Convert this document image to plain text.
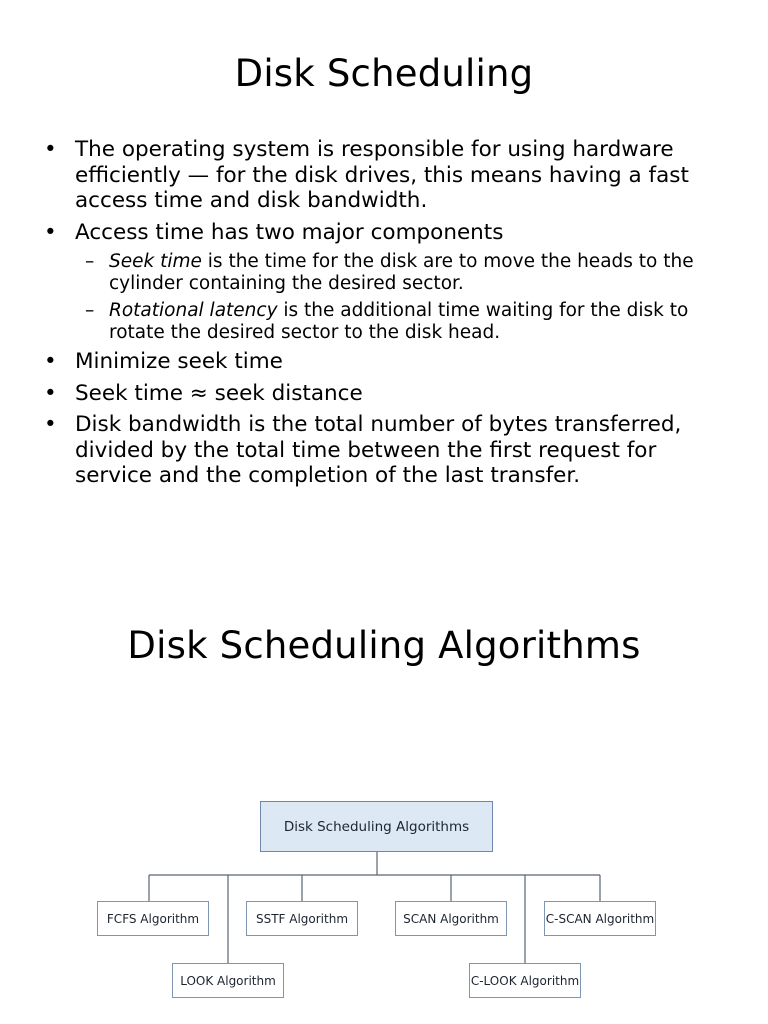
Disk Scheduling
• The operating system is responsible for using hardware efficiently — for the disk drives, this means having a fast access time and disk bandwidth.
• Access time has two major components
– Seek time is the time for the disk are to move the heads to the cylinder containing the desired sector.
– Rotational latency is the additional time waiting for the disk to rotate the desired sector to the disk head.
• Minimize seek time
• Seek time ≈ seek distance
• Disk bandwidth is the total number of bytes transferred, divided by the total time between the first request for service and the completion of the last transfer.
Disk Scheduling Algorithms
Disk Scheduling Algorithms
FCFS Algorithm	SSTF Algorithm	SCAN Algorithm	C-SCAN Algorithm
LOOK Algorithm	C-LOOK Algorithm
